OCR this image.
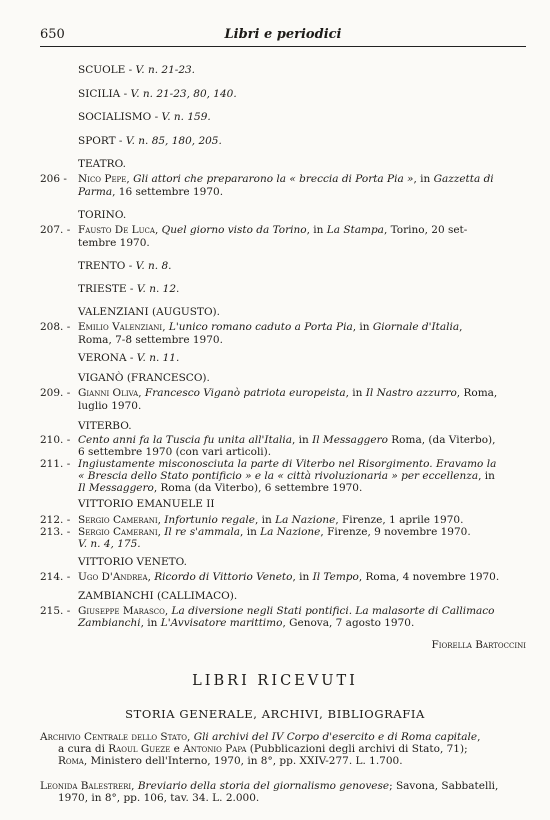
650	Libri e periodici
SCUOLE - V. n. 21-23.
SICILIA - V. n. 21-23, 80, 140.
SOCIALISMO - V. n. 159.
SPORT - V. n. 85, 180, 205.
TEATRO.
206 - Nico Pepe, Gli attori che prepararono la « breccia di Porta Pia », in Gazzetta di
Parma, 16 settembre 1970.
TORINO.
207. - Fausto De Luca, Quel giorno visto da Torino, in La Stampa, Torino, 20 set-
tembre 1970.
TRENTO - V. n. 8.
TRIESTE - V. n. 12.
VALENZIANI (AUGUSTO).
208. - Emilio Valenziani, L'unico romano caduto a Porta Pia, in Giornale d'Italia,
Roma, 7-8 settembre 1970.
VERONA - V. n. 11.
VIGANÒ (FRANCESCO).
209. - Gianni Oliva, Francesco Viganò patriota europeista, in Il Nastro azzurro, Roma,
luglio 1970.
VITERBO.
210. - Cento anni fa la Tuscia fu unita all'Italia, in Il Messaggero Roma, (da Viterbo),
6 settembre 1970 (con vari articoli).
211. - Ingiustamente misconosciuta la parte di Viterbo nel Risorgimento. Eravamo la
« Brescia dello Stato pontificio » e la « città rivoluzionaria » per eccellenza, in
Il Messaggero, Roma (da Viterbo), 6 settembre 1970.
VITTORIO EMANUELE II
212. - Sergio Camerani, Infortunio regale, in La Nazione, Firenze, 1 aprile 1970.
213. - Sergio Camerani, Il re s'ammala, in La Nazione, Firenze, 9 novembre 1970.
V. n. 4, 175.
VITTORIO VENETO.
214. - Ugo D'Andrea, Ricordo di Vittorio Veneto, in Il Tempo, Roma, 4 novembre 1970.
ZAMBIANCHI (CALLIMACO).
215. - Giuseppe Marasco, La diversione negli Stati pontifici. La malasorte di Callimaco
Zambianchi, in L'Avvisatore marittimo, Genova, 7 agosto 1970.
Fiorella Bartoccini
LIBRI RICEVUTI
STORIA GENERALE, ARCHIVI, BIBLIOGRAFIA
Archivio Centrale dello Stato, Gli archivi del IV Corpo d'esercito e di Roma capitale,
a cura di Raoul Gueze e Antonio Papa (Pubblicazioni degli archivi di Stato, 71);
Roma, Ministero dell'Interno, 1970, in 8°, pp. XXIV-277. L. 1.700.
Leonida Balestreri, Breviario della storia del giornalismo genovese; Savona, Sabbatelli,
1970, in 8°, pp. 106, tav. 34. L. 2.000.
